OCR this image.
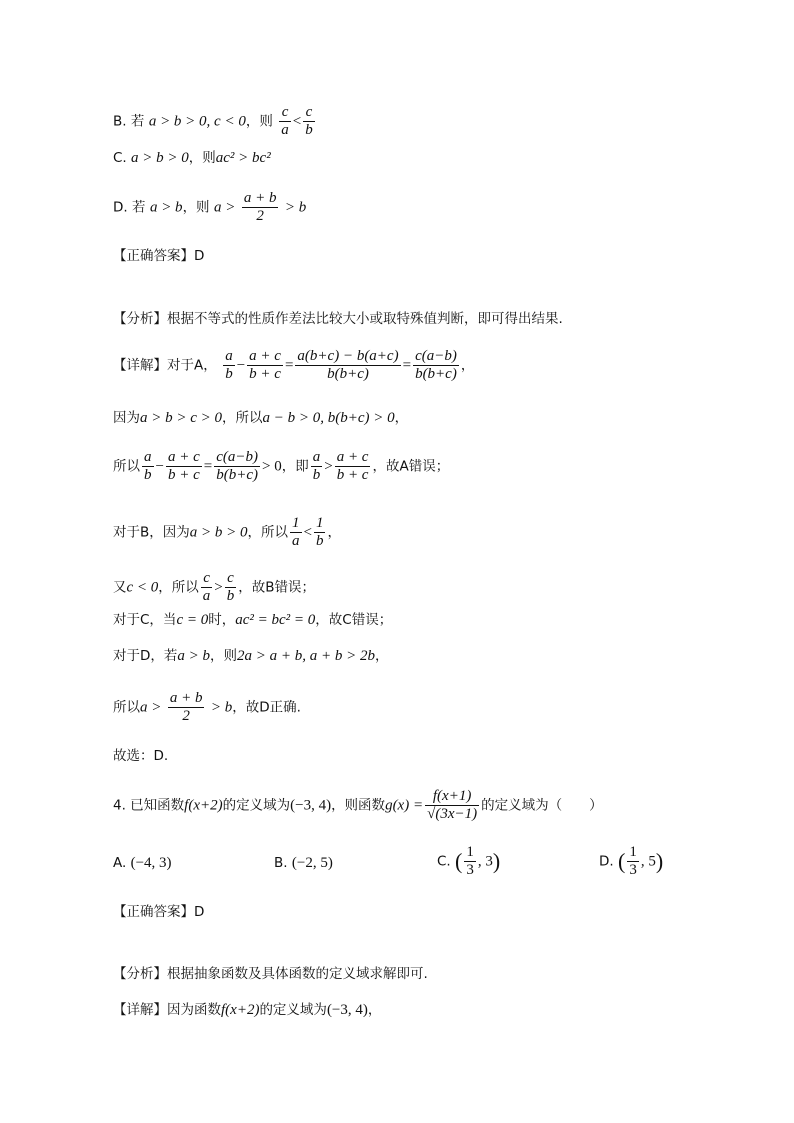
B. 若 a > b > 0, c < 0，则 $\frac{c}{a} < \frac{c}{b}$
C. a > b > 0，则ac² > bc²
D. 若 a > b，则 $a > \frac{a + b}{2} > b$
【正确答案】D
【分析】根据不等式的性质作差法比较大小或取特殊值判断，即可得出结果.
【详解】对于A， $\frac{a}{b} - \frac{a + c}{b + c} = \frac{a(b+c) - b(a+c)}{b(b+c)} = \frac{c(a-b)}{b(b+c)}$ ，
因为a > b > c > 0，所以a − b > 0, b(b+c) > 0，
所以 $\frac{a}{b} - \frac{a + c}{b + c} = \frac{c(a-b)}{b(b+c)} > 0$，即 $\frac{a}{b} > \frac{a + c}{b + c}$ ，故A错误；
对于B，因为a > b > 0，所以 $\frac{1}{a} < \frac{1}{b}$ ，
又c < 0，所以 $\frac{c}{a} > \frac{c}{b}$ ，故B错误；
对于C，当c = 0时，ac² = bc² = 0，故C错误；
对于D，若a > b，则2a > a + b, a + b > 2b，
所以$a > \frac{a + b}{2} > b$，故D正确.
故选：D.
4. 已知函数f(x+2)的定义域为(−3, 4)，则函数$g(x) = \frac{f(x+1)}{√(3x-1)}$ 的定义域为（　　）
A. (−4, 3)	B. (−2, 5)	C. ( $\frac{1}{3}$ , 3)	D. ( $\frac{1}{3}$ , 5)
【正确答案】D
【分析】根据抽象函数及具体函数的定义域求解即可.
【详解】因为函数f(x+2)的定义域为(−3, 4)，
